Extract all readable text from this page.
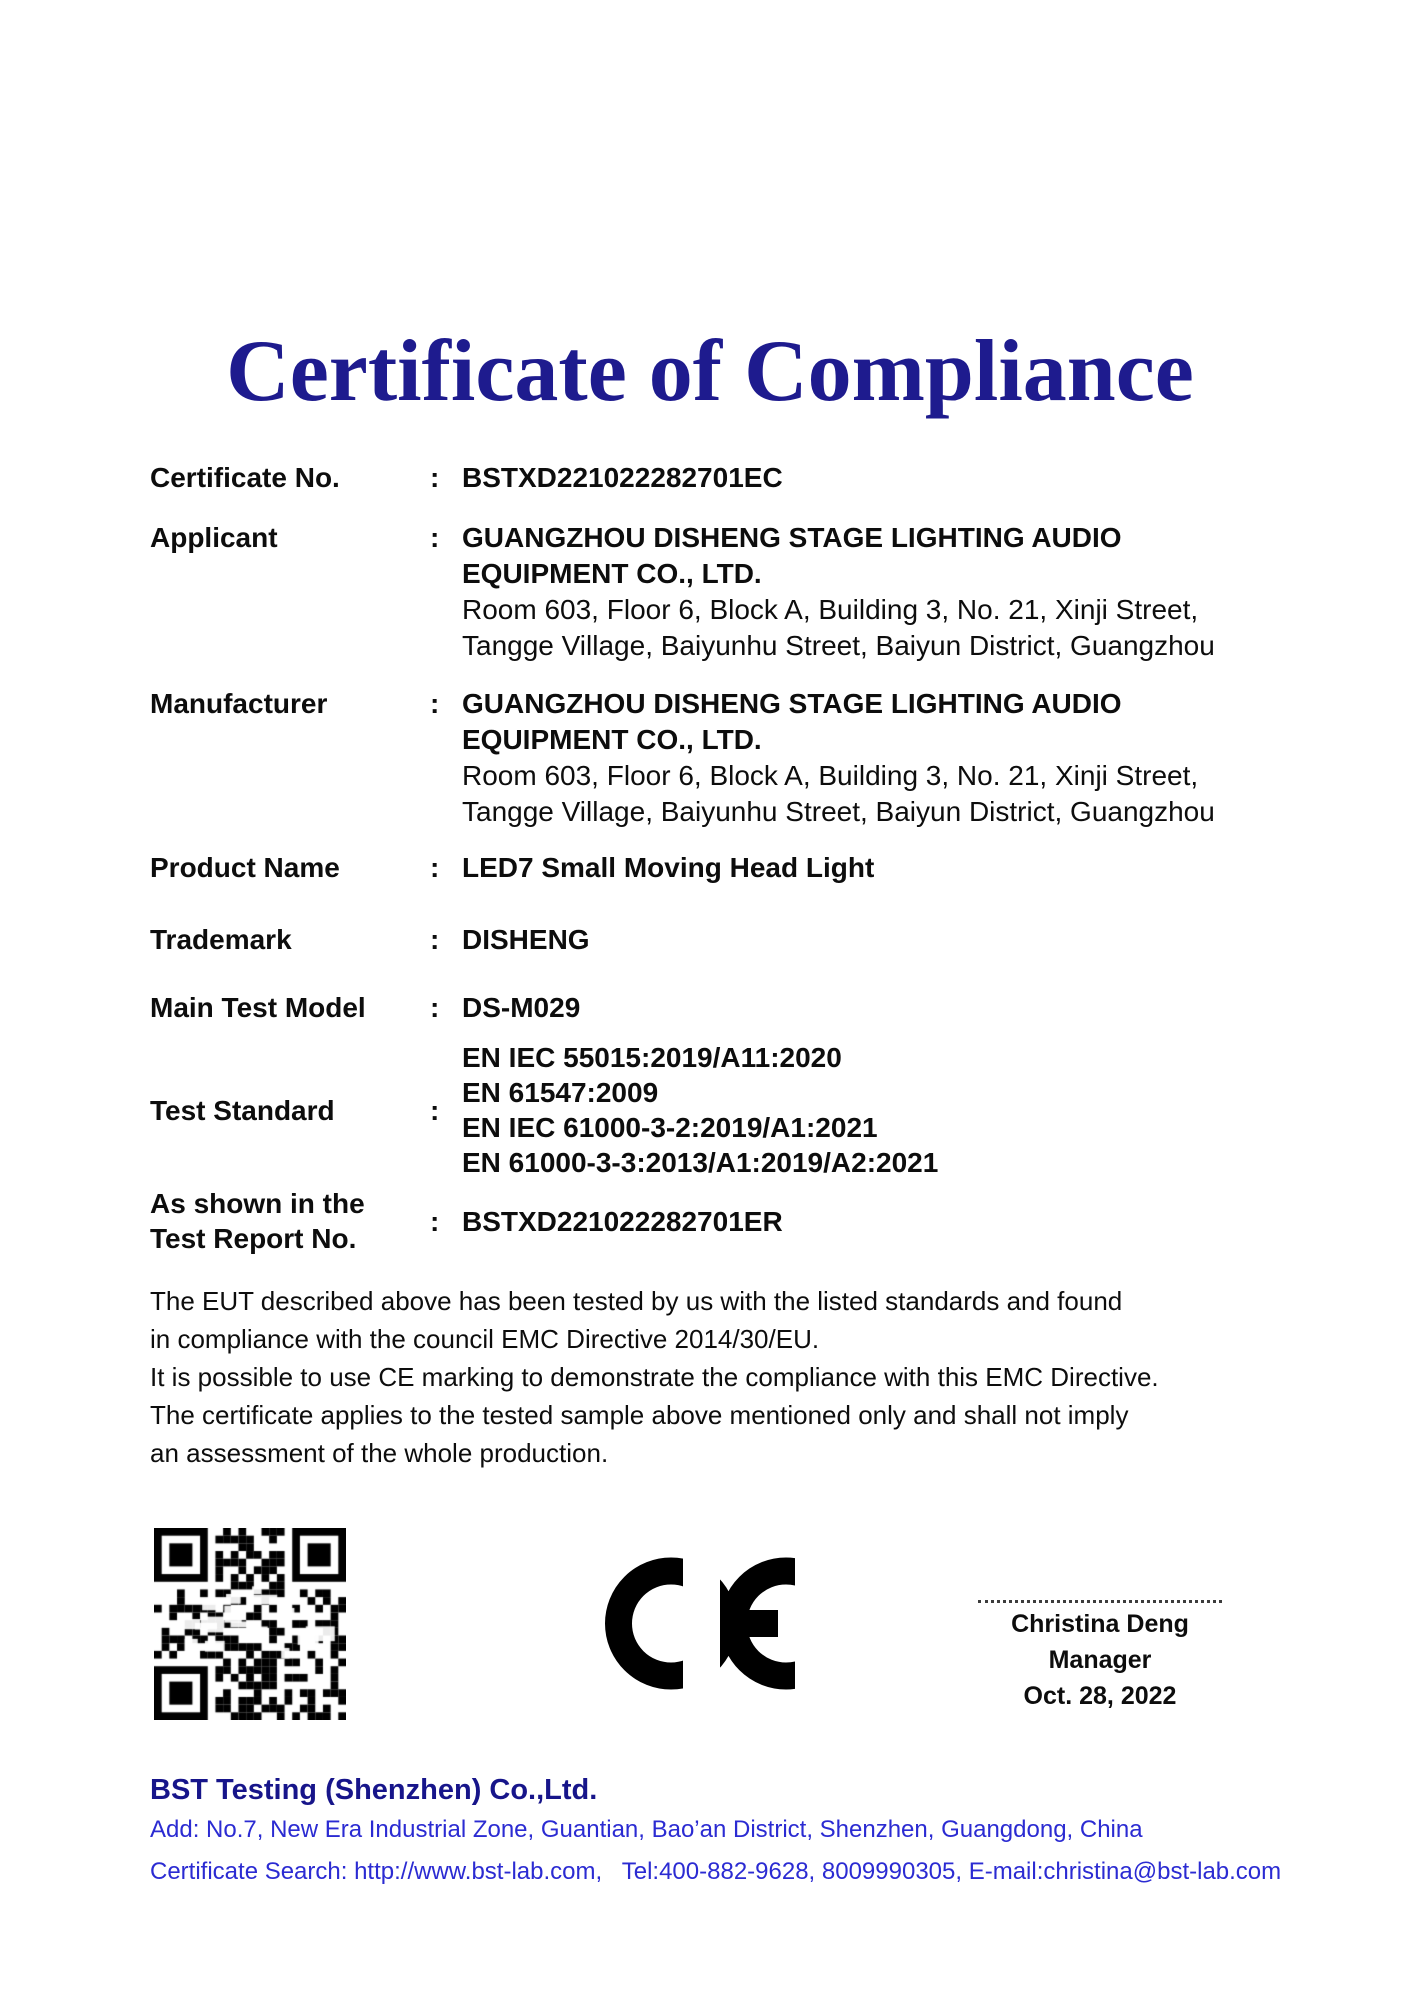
Certificate of Compliance
Certificate No.	: BSTXD221022282701EC
Applicant	: GUANGZHOU DISHENG STAGE LIGHTING AUDIO
EQUIPMENT CO., LTD.
Room 603, Floor 6, Block A, Building 3, No. 21, Xinji Street,
Tangge Village, Baiyunhu Street, Baiyun District, Guangzhou
Manufacturer	: GUANGZHOU DISHENG STAGE LIGHTING AUDIO
EQUIPMENT CO., LTD.
Room 603, Floor 6, Block A, Building 3, No. 21, Xinji Street,
Tangge Village, Baiyunhu Street, Baiyun District, Guangzhou
Product Name	: LED7 Small Moving Head Light
Trademark	: DISHENG
Main Test Model	: DS-M029
Test Standard	:
EN IEC 55015:2019/A11:2020
EN 61547:2009
EN IEC 61000-3-2:2019/A1:2021
EN 61000-3-3:2013/A1:2019/A2:2021
As shown in the
Test Report No.
: BSTXD221022282701ER
The EUT described above has been tested by us with the listed standards and found
in compliance with the council EMC Directive 2014/30/EU.
It is possible to use CE marking to demonstrate the compliance with this EMC Directive.
The certificate applies to the tested sample above mentioned only and shall not imply
an assessment of the whole production.
Christina Deng
Manager
Oct. 28, 2022
BST Testing (Shenzhen) Co.,Ltd.
Add: No.7, New Era Industrial Zone, Guantian, Bao’an District, Shenzhen, Guangdong, China
Certificate Search: http://www.bst-lab.com,   Tel:400-882-9628, 8009990305, E-mail:christina@bst-lab.com
